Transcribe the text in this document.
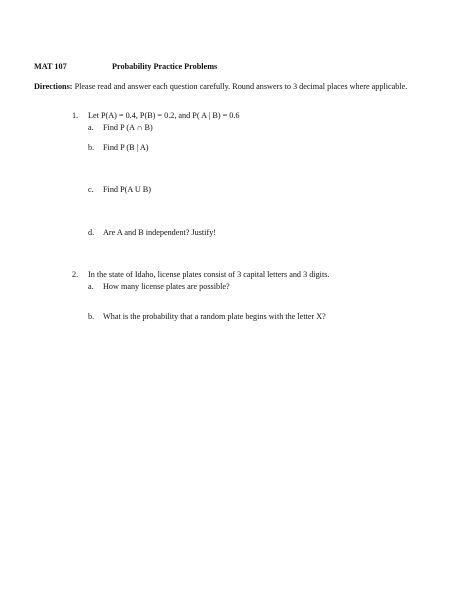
MAT 107	Probability Practice Problems
Directions: Please read and answer each question carefully. Round answers to 3 decimal places where applicable.
1. Let P(A) = 0.4, P(B) = 0.2, and P( A | B) = 0.6
a. Find P (A ∩ B)
b. Find P (B | A)
c. Find P(A U B)
d. Are A and B independent? Justify!
2. In the state of Idaho, license plates consist of 3 capital letters and 3 digits.
a. How many license plates are possible?
b. What is the probability that a random plate begins with the letter X?
